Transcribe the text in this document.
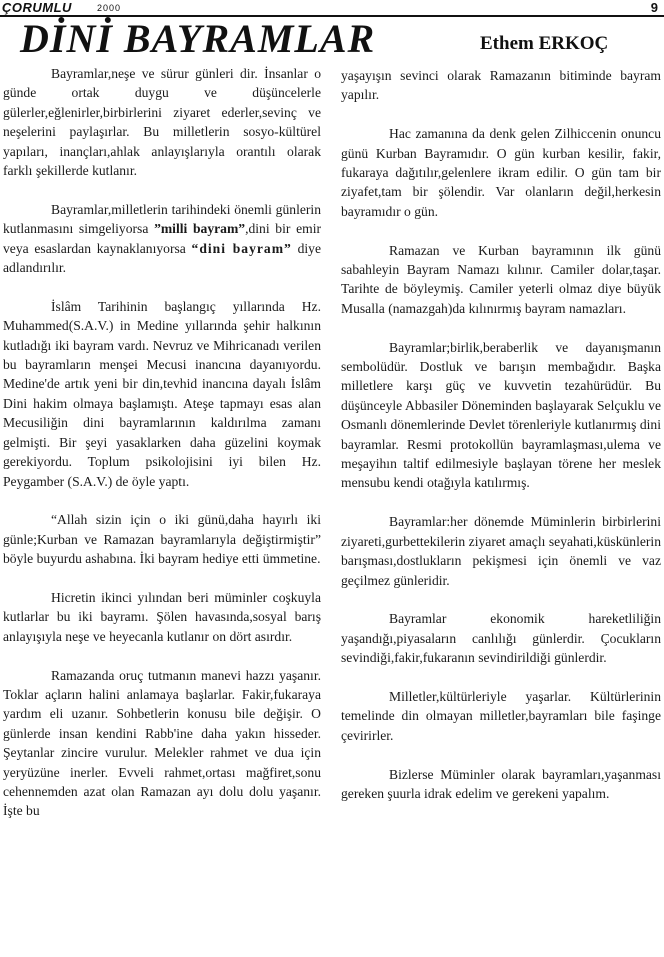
ÇORUMLU	2000	9
DİNİ BAYRAMLAR	Ethem ERKOÇ

Bayramlar,neşe ve sürur günleri dir. İnsanlar o günde ortak duygu ve düşüncelerle gülerler,eğlenirler,birbirlerini ziyaret ederler,sevinç ve neşelerini paylaşırlar. Bu milletlerin sosyo-kültürel yapıları, inançları,ahlak anlayışlarıyla orantılı olarak farklı şekillerde kutlanır.

Bayramlar,milletlerin tarihindeki önemli günlerin kutlanmasını simgeliyorsa ”milli bayram”,dini bir emir veya esaslardan kaynaklanıyorsa “dini bayram” diye adlandırılır.

İslâm Tarihinin başlangıç yıllarında Hz. Muhammed(S.A.V.) in Medine yıllarında şehir halkının kutladığı iki bayram vardı. Nevruz ve Mihricanadı verilen bu bayramların menşei Mecusi inancına dayanıyordu. Medine'de artık yeni bir din,tevhid inancına dayalı İslâm Dini hakim olmaya başlamıştı. Ateşe tapmayı esas alan Mecusiliğin dini bayramlarının kaldırılma zamanı gelmişti. Bir şeyi yasaklarken daha güzelini koymak gerekiyordu. Toplum psikolojisini iyi bilen Hz. Peygamber (S.A.V.) de öyle yaptı.

“Allah sizin için o iki günü,daha hayırlı iki günle;Kurban ve Ramazan bayramlarıyla değiştirmiştir” böyle buyurdu ashabına. İki bayram hediye etti ümmetine.

Hicretin ikinci yılından beri müminler coşkuyla kutlarlar bu iki bayramı. Şölen havasında,sosyal barış anlayışıyla neşe ve heyecanla kutlanır on dört asırdır.

Ramazanda oruç tutmanın manevi hazzı yaşanır. Toklar açların halini anlamaya başlarlar. Fakir,fukaraya yardım eli uzanır. Sohbetlerin konusu bile değişir. O günlerde insan kendini Rabb'ine daha yakın hisseder. Şeytanlar zincire vurulur. Melekler rahmet ve dua için yeryüzüne inerler. Evveli rahmet,ortası mağfiret,sonu cehennemden azat olan Ramazan ayı dolu dolu yaşanır. İşte bu

yaşayışın sevinci olarak Ramazanın bitiminde bayram yapılır.

Hac zamanına da denk gelen Zilhiccenin onuncu günü Kurban Bayramıdır. O gün kurban kesilir, fakir, fukaraya dağıtılır,gelenlere ikram edilir. O gün tam bir ziyafet,tam bir şölendir. Var olanların değil,herkesin bayramıdır o gün.

Ramazan ve Kurban bayramının ilk günü sabahleyin Bayram Namazı kılınır. Camiler dolar,taşar. Tarihte de böyleymiş. Camiler yeterli olmaz diye büyük Musalla (namazgah)da kılınırmış bayram namazları.

Bayramlar;birlik,beraberlik ve dayanışmanın sembolüdür. Dostluk ve barışın membağıdır. Başka milletlere karşı güç ve kuvvetin tezahürüdür. Bu düşünceyle Abbasiler Döneminden başlayarak Selçuklu ve Osmanlı dönemlerinde Devlet törenleriyle kutlanırmış dini bayramlar. Resmi protokollün bayramlaşması,ulema ve meşayihın taltif edilmesiyle başlayan törene her meslek mensubu kendi otağıyla katılırmış.

Bayramlar:her dönemde Müminlerin birbirlerini ziyareti,gurbettekilerin ziyaret amaçlı seyahati,küskünlerin barışması,dostlukların pekişmesi için önemli ve vaz geçilmez günleridir.

Bayramlar ekonomik hareketliliğin yaşandığı,piyasaların canlılığı günlerdir. Çocukların sevindiği,fakir,fukaranın sevindirildiği günlerdir.

Milletler,kültürleriyle yaşarlar. Kültürlerinin temelinde din olmayan milletler,bayramları bile faşinge çevirirler.

Bizlerse Müminler olarak bayramları,yaşanması gereken şuurla idrak edelim ve gerekeni yapalım.
